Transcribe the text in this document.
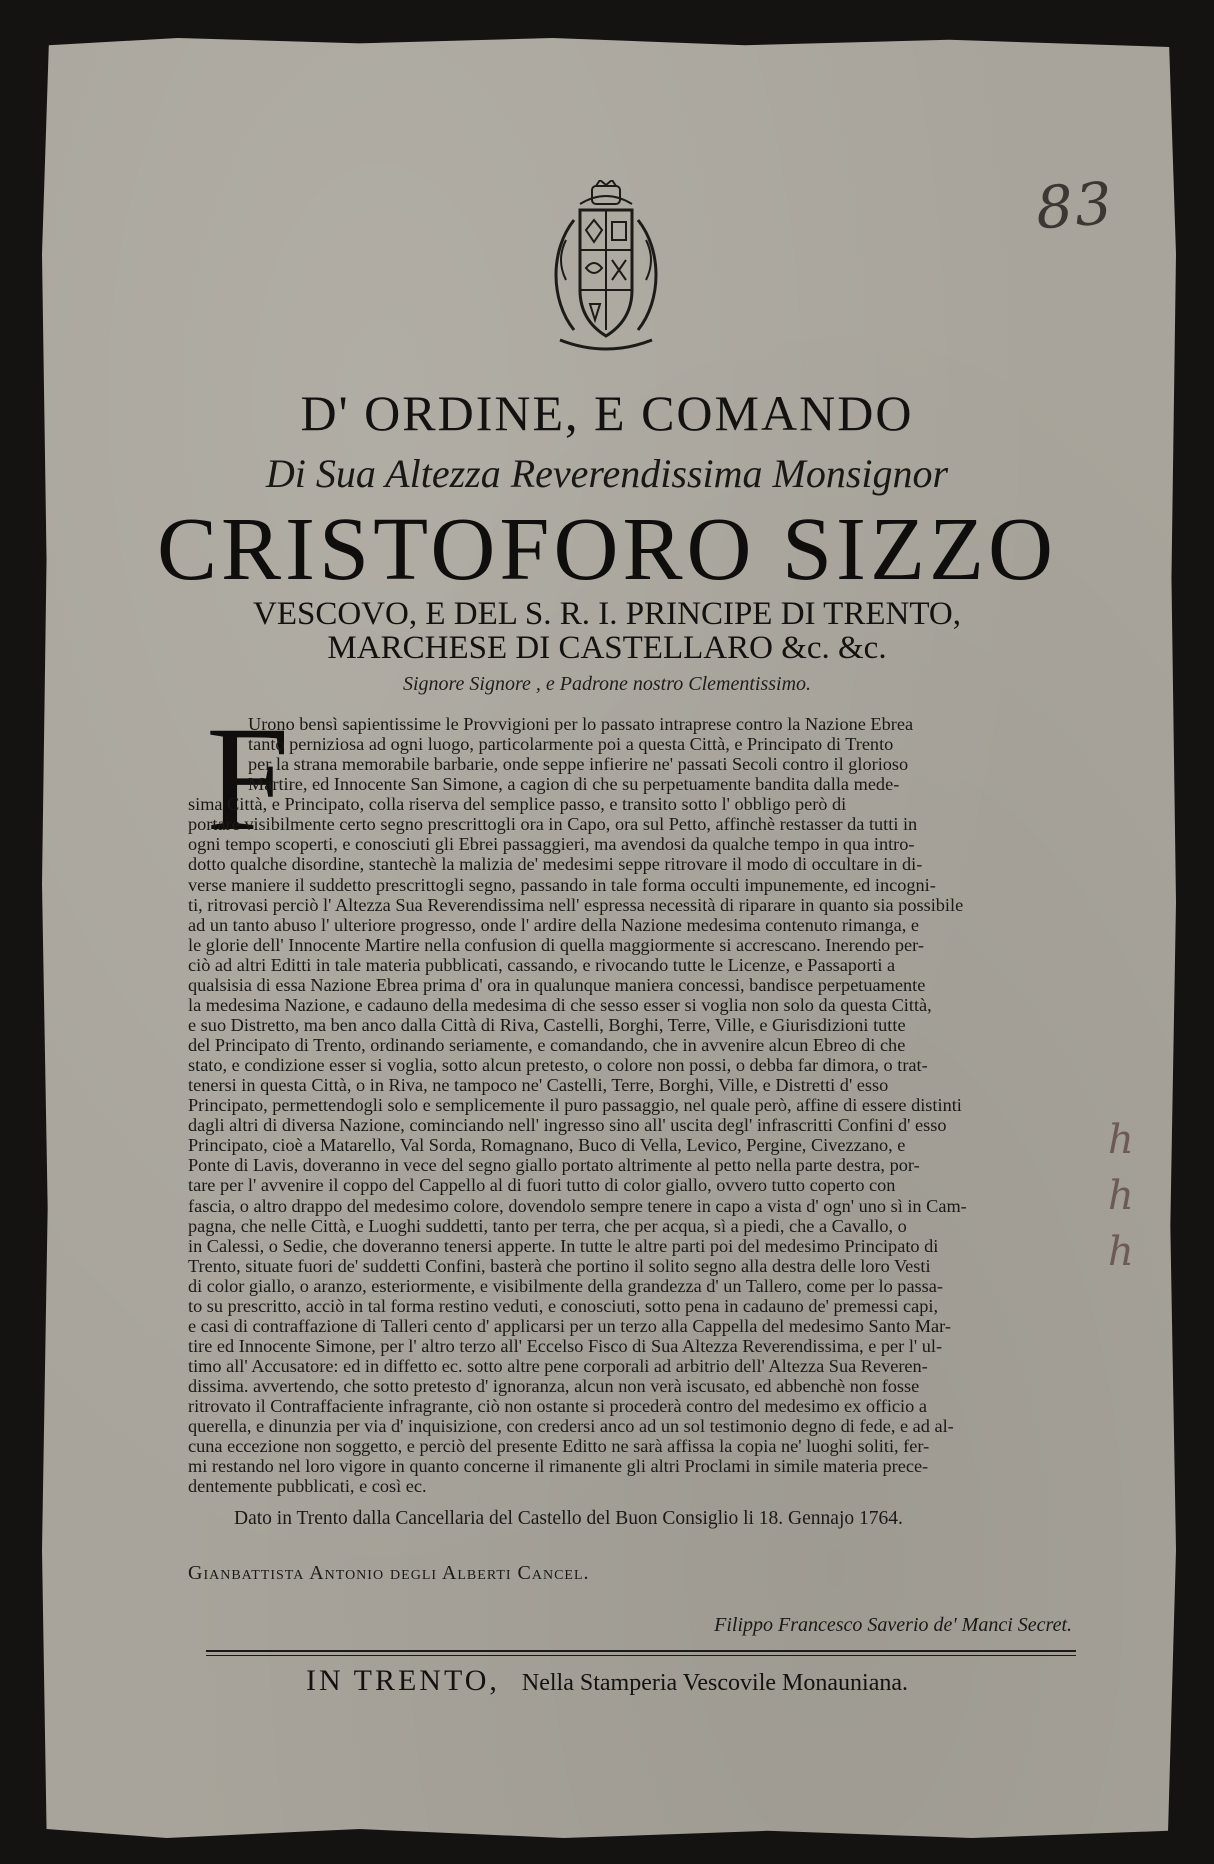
83
h
h
h
D' ORDINE, E COMANDO
Di Sua Altezza Reverendissima Monsignor
CRISTOFORO SIZZO
VESCOVO, E DEL S. R. I. PRINCIPE DI TRENTO,
MARCHESE DI CASTELLARO &c. &c.
Signore Signore , e Padrone nostro Clementissimo.
F
Urono bensì sapientissime le Provvigioni per lo passato intraprese contro la Nazione Ebrea
tanto perniziosa ad ogni luogo, particolarmente poi a questa Città, e Principato di Trento
per la strana memorabile barbarie, onde seppe infierire ne' passati Secoli contro il glorioso
Martire, ed Innocente San Simone, a cagion di che su perpetuamente bandita dalla mede-
sima Città, e Principato, colla riserva del semplice passo, e transito sotto l' obbligo però di
portare visibilmente certo segno prescrittogli ora in Capo, ora sul Petto, affinchè restasser da tutti in
ogni tempo scoperti, e conosciuti gli Ebrei passaggieri, ma avendosi da qualche tempo in qua intro-
dotto qualche disordine, stantechè la malizia de' medesimi seppe ritrovare il modo di occultare in di-
verse maniere il suddetto prescrittogli segno, passando in tale forma occulti impunemente, ed incogni-
ti, ritrovasi perciò l' Altezza Sua Reverendissima nell' espressa necessità di riparare in quanto sia possibile
ad un tanto abuso l' ulteriore progresso, onde l' ardire della Nazione medesima contenuto rimanga, e
le glorie dell' Innocente Martire nella confusion di quella maggiormente si accrescano. Inerendo per-
ciò ad altri Editti in tale materia pubblicati, cassando, e rivocando tutte le Licenze, e Passaporti a
qualsisia di essa Nazione Ebrea prima d' ora in qualunque maniera concessi, bandisce perpetuamente
la medesima Nazione, e cadauno della medesima di che sesso esser si voglia non solo da questa Città,
e suo Distretto, ma ben anco dalla Città di Riva, Castelli, Borghi, Terre, Ville, e Giurisdizioni tutte
del Principato di Trento, ordinando seriamente, e comandando, che in avvenire alcun Ebreo di che
stato, e condizione esser si voglia, sotto alcun pretesto, o colore non possi, o debba far dimora, o trat-
tenersi in questa Città, o in Riva, ne tampoco ne' Castelli, Terre, Borghi, Ville, e Distretti d' esso
Principato, permettendogli solo e semplicemente il puro passaggio, nel quale però, affine di essere distinti
dagli altri di diversa Nazione, cominciando nell' ingresso sino all' uscita degl' infrascritti Confini d' esso
Principato, cioè a Matarello, Val Sorda, Romagnano, Buco di Vella, Levico, Pergine, Civezzano, e
Ponte di Lavis, doveranno in vece del segno giallo portato altrimente al petto nella parte destra, por-
tare per l' avvenire il coppo del Cappello al di fuori tutto di color giallo, ovvero tutto coperto con
fascia, o altro drappo del medesimo colore, dovendolo sempre tenere in capo a vista d' ogn' uno sì in Cam-
pagna, che nelle Città, e Luoghi suddetti, tanto per terra, che per acqua, sì a piedi, che a Cavallo, o
in Calessi, o Sedie, che doveranno tenersi apperte. In tutte le altre parti poi del medesimo Principato di
Trento, situate fuori de' suddetti Confini, basterà che portino il solito segno alla destra delle loro Vesti
di color giallo, o aranzo, esteriormente, e visibilmente della grandezza d' un Tallero, come per lo passa-
to su prescritto, acciò in tal forma restino veduti, e conosciuti, sotto pena in cadauno de' premessi capi,
e casi di contraffazione di Talleri cento d' applicarsi per un terzo alla Cappella del medesimo Santo Mar-
tire ed Innocente Simone, per l' altro terzo all' Eccelso Fisco di Sua Altezza Reverendissima, e per l' ul-
timo all' Accusatore: ed in diffetto ec. sotto altre pene corporali ad arbitrio dell' Altezza Sua Reveren-
dissima. avvertendo, che sotto pretesto d' ignoranza, alcun non verà iscusato, ed abbenchè non fosse
ritrovato il Contraffaciente infragrante, ciò non ostante si procederà contro del medesimo ex officio a
querella, e dinunzia per via d' inquisizione, con credersi anco ad un sol testimonio degno di fede, e ad al-
cuna eccezione non soggetto, e perciò del presente Editto ne sarà affissa la copia ne' luoghi soliti, fer-
mi restando nel loro vigore in quanto concerne il rimanente gli altri Proclami in simile materia prece-
dentemente pubblicati, e così ec.
Dato in Trento dalla Cancellaria del Castello del Buon Consiglio li 18. Gennajo 1764.
Gianbattista Antonio degli Alberti Cancel.
Filippo Francesco Saverio de' Manci Secret.
IN TRENTO, Nella Stamperia Vescovile Monauniana.
